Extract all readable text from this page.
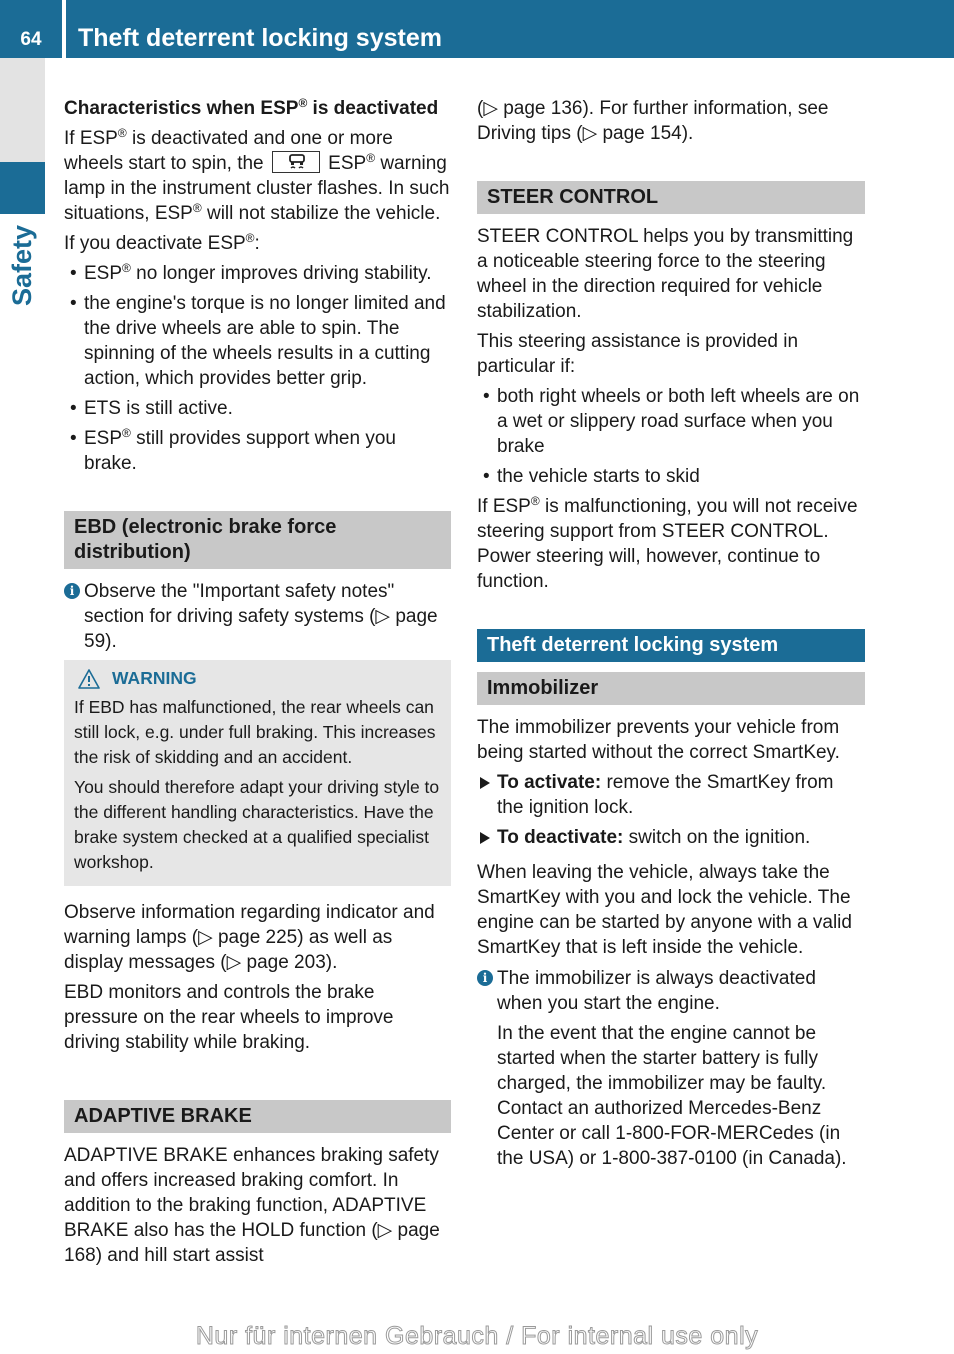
64	Theft deterrent locking system
Safety
Characteristics when ESP® is deactivated
If ESP® is deactivated and one or more wheels start to spin, the	ESP® warning lamp in the instrument cluster flashes. In such situations, ESP® will not stabilize the vehicle.
If you deactivate ESP®:
• ESP® no longer improves driving stability.
• the engine's torque is no longer limited and the drive wheels are able to spin. The spinning of the wheels results in a cutting action, which provides better grip.
• ETS is still active.
• ESP® still provides support when you brake.
EBD (electronic brake force distribution)
i Observe the "Important safety notes" section for driving safety systems (▷ page 59).
WARNING
If EBD has malfunctioned, the rear wheels can still lock, e.g. under full braking. This increases the risk of skidding and an accident.
You should therefore adapt your driving style to the different handling characteristics. Have the brake system checked at a qualified specialist workshop.
Observe information regarding indicator and warning lamps (▷ page 225) as well as display messages (▷ page 203).
EBD monitors and controls the brake pressure on the rear wheels to improve driving stability while braking.
ADAPTIVE BRAKE
ADAPTIVE BRAKE enhances braking safety and offers increased braking comfort. In addition to the braking function, ADAPTIVE BRAKE also has the HOLD function (▷ page 168) and hill start assist
(▷ page 136). For further information, see Driving tips (▷ page 154).
STEER CONTROL
STEER CONTROL helps you by transmitting a noticeable steering force to the steering wheel in the direction required for vehicle stabilization.
This steering assistance is provided in particular if:
• both right wheels or both left wheels are on a wet or slippery road surface when you brake
• the vehicle starts to skid
If ESP® is malfunctioning, you will not receive steering support from STEER CONTROL. Power steering will, however, continue to function.
Theft deterrent locking system
Immobilizer
The immobilizer prevents your vehicle from being started without the correct SmartKey.
To activate: remove the SmartKey from the ignition lock.
To deactivate: switch on the ignition.
When leaving the vehicle, always take the SmartKey with you and lock the vehicle. The engine can be started by anyone with a valid SmartKey that is left inside the vehicle.
i The immobilizer is always deactivated when you start the engine.
In the event that the engine cannot be started when the starter battery is fully charged, the immobilizer may be faulty. Contact an authorized Mercedes-Benz Center or call 1-800-FOR-MERCedes (in the USA) or 1-800-387-0100 (in Canada).
Nur für internen Gebrauch / For internal use only
